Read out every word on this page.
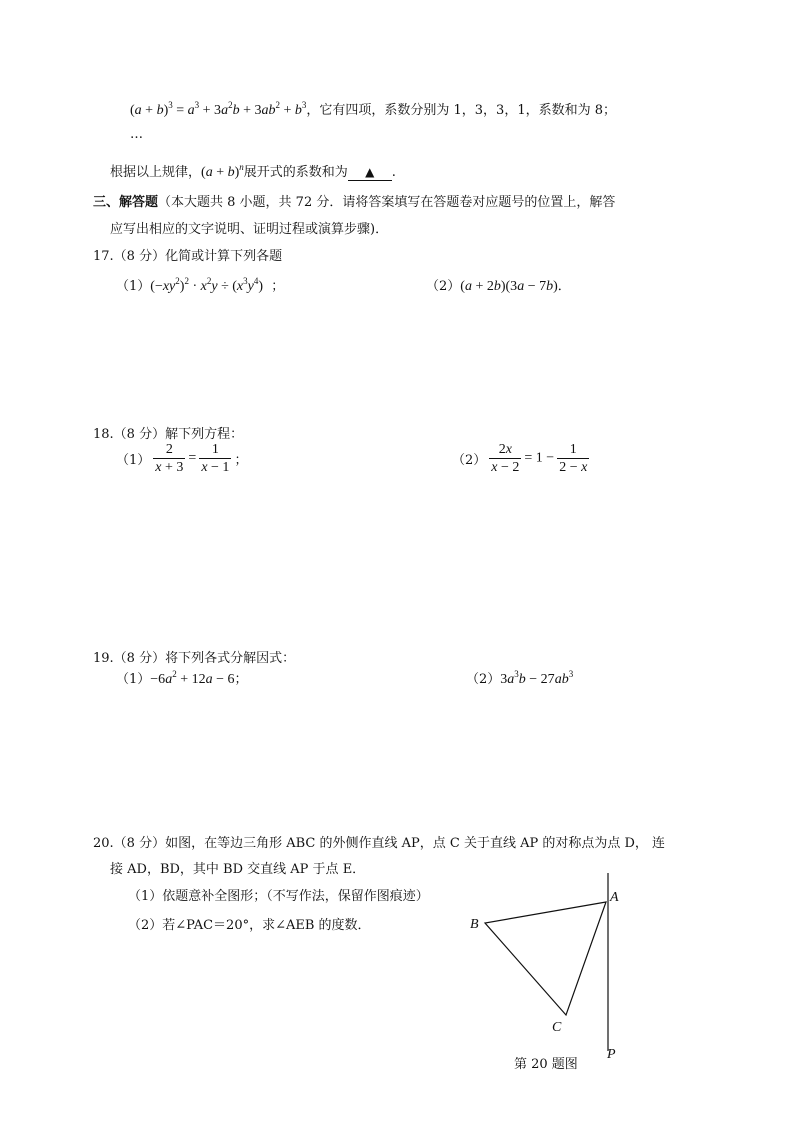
$(a + b)^3 = a^3 + 3a^2b + 3ab^2 + b^3$，它有四项，系数分别为 1，3，3，1，系数和为 8；
…
根据以上规律，$(a + b)^n$展开式的系数和为 ▲ .
三、解答题（本大题共 8 小题，共 72 分．请将答案填写在答题卷对应题号的位置上，解答
应写出相应的文字说明、证明过程或演算步骤)．
17.（8 分）化简或计算下列各题
$(1)(-xy^2)^2 \cdot x^2y \div (x^3y^4)$ ；	（2）(a + 2b)(3a − 7b)．
18.（8 分）解下列方程：
$(1) \frac{2}{x + 3} = \frac{1}{x - 1}$ ；	$(2) \frac{2x}{x - 2} = 1 - \frac{1}{2 - x}$
19.（8 分）将下列各式分解因式：
$(1)-6a^2 + 12a - 6$；	$(2)3a^3b - 27ab^3$
20.（8 分）如图，在等边三角形 ABC 的外侧作直线 AP，点 C 关于直线 AP 的对称点为点 D， 连
接 AD，BD，其中 BD 交直线 AP 于点 E．
（1）依题意补全图形；（不写作法，保留作图痕迹）
（2）若∠PAC＝20°，求∠AEB 的度数．
A
B
C
P
第 20 题图
